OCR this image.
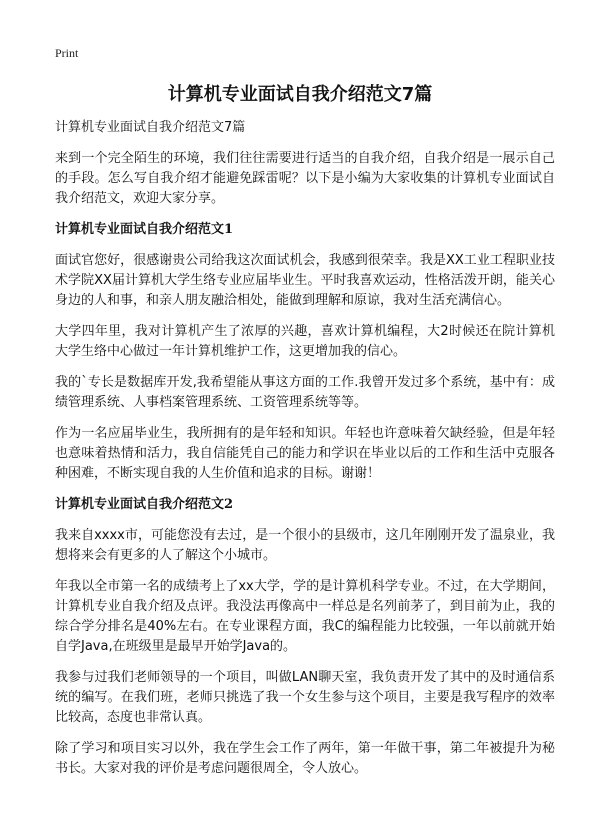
Print
计算机专业面试自我介绍范文7篇

计算机专业面试自我介绍范文7篇

来到一个完全陌生的环境，我们往往需要进行适当的自我介绍，自我介绍是一展示自己的手段。怎么写自我介绍才能避免踩雷呢？以下是小编为大家收集的计算机专业面试自我介绍范文，欢迎大家分享。

计算机专业面试自我介绍范文1

面试官您好，很感谢贵公司给我这次面试机会，我感到很荣幸。我是XX工业工程职业技术学院XX届计算机大学生络专业应届毕业生。平时我喜欢运动，性格活泼开朗，能关心身边的人和事，和亲人朋友融洽相处，能做到理解和原谅，我对生活充满信心。

大学四年里，我对计算机产生了浓厚的兴趣，喜欢计算机编程，大2时候还在院计算机大学生络中心做过一年计算机维护工作，这更增加我的信心。

我的`专长是数据库开发,我希望能从事这方面的工作.我曾开发过多个系统，基中有：成绩管理系统、人事档案管理系统、工资管理系统等等。

作为一名应届毕业生，我所拥有的是年轻和知识。年轻也许意味着欠缺经验，但是年轻也意味着热情和活力，我自信能凭自己的能力和学识在毕业以后的工作和生活中克服各种困难，不断实现自我的人生价值和追求的目标。谢谢！

计算机专业面试自我介绍范文2

我来自xxxx市，可能您没有去过，是一个很小的县级市，这几年刚刚开发了温泉业，我想将来会有更多的人了解这个小城市。

年我以全市第一名的成绩考上了xx大学，学的是计算机科学专业。不过，在大学期间，计算机专业自我介绍及点评。我没法再像高中一样总是名列前茅了，到目前为止，我的综合学分排名是40%左右。在专业课程方面，我C的编程能力比较强，一年以前就开始自学Java,在班级里是最早开始学Java的。

我参与过我们老师领导的一个项目，叫做LAN聊天室，我负责开发了其中的及时通信系统的编写。在我们班，老师只挑选了我一个女生参与这个项目，主要是我写程序的效率比较高，态度也非常认真。

除了学习和项目实习以外，我在学生会工作了两年，第一年做干事，第二年被提升为秘书长。大家对我的评价是考虑问题很周全，令人放心。
